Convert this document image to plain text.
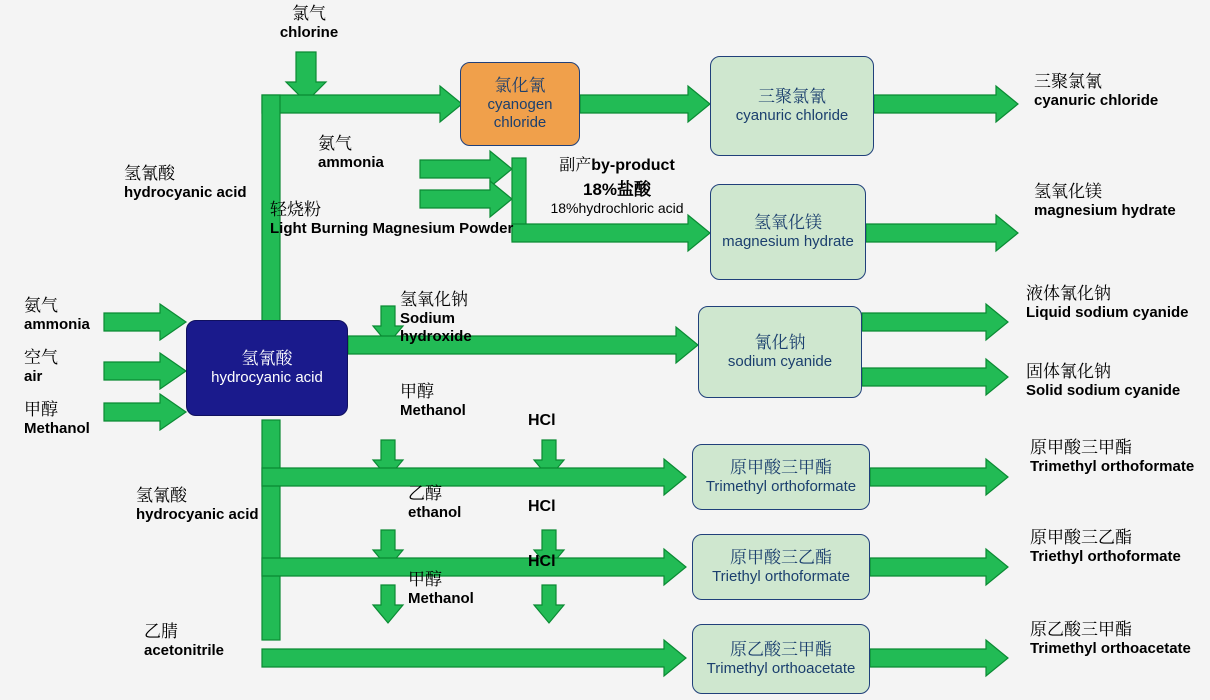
氯气
chlorine
氨气
ammonia
轻烧粉
Light Burning Magnesium Powder
氢氰酸
hydrocyanic acid
氨气
ammonia
空气
air
甲醇
Methanol
氢氧化钠
Sodium hydroxide
甲醇
Methanol
乙醇
ethanol
甲醇
Methanol
氢氰酸
hydrocyanic acid
乙腈
acetonitrile
HCl
HCl
HCl
副产by-product
18%盐酸
18%hydrochloric acid
氯化氰
cyanogen chloride
三聚氯氰
cyanuric chloride
氢氧化镁
magnesium hydrate
氢氰酸
hydrocyanic acid
氰化钠
sodium cyanide
原甲酸三甲酯
Trimethyl orthoformate
原甲酸三乙酯
Triethyl orthoformate
原乙酸三甲酯
Trimethyl orthoacetate
三聚氯氰
cyanuric chloride
氢氧化镁
magnesium hydrate
液体氰化钠
Liquid sodium cyanide
固体氰化钠
Solid sodium cyanide
原甲酸三甲酯
Trimethyl orthoformate
原甲酸三乙酯
Triethyl orthoformate
原乙酸三甲酯
Trimethyl orthoacetate
